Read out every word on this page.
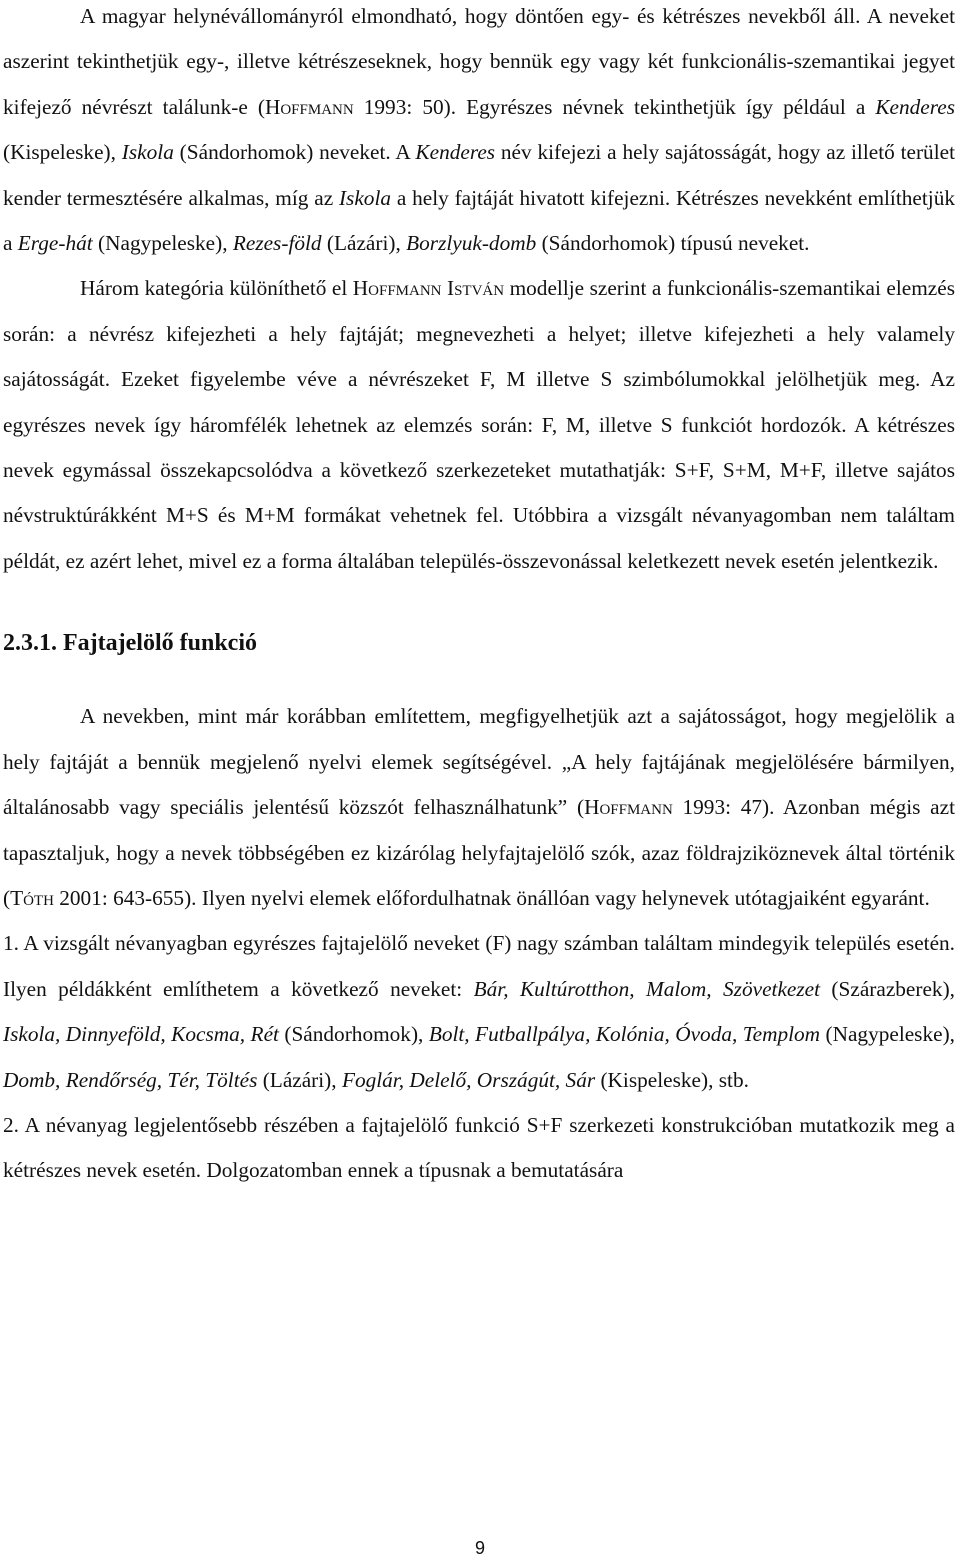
A magyar helynévállományról elmondható, hogy döntően egy- és kétrészes nevekből áll. A neveket aszerint tekinthetjük egy-, illetve kétrészeseknek, hogy bennük egy vagy két funkcionális-szemantikai jegyet kifejező névrészt találunk-e (Hoffmann 1993: 50). Egyrészes névnek tekinthetjük így például a Kenderes (Kispeleske), Iskola (Sándorhomok) neveket. A Kenderes név kifejezi a hely sajátosságát, hogy az illető terület kender termesztésére alkalmas, míg az Iskola a hely fajtáját hivatott kifejezni. Kétrészes nevekként említhetjük a Erge-hát (Nagypeleske), Rezes-föld (Lázári), Borzlyuk-domb (Sándorhomok) típusú neveket.

Három kategória különíthető el Hoffmann István modellje szerint a funkcionális-szemantikai elemzés során: a névrész kifejezheti a hely fajtáját; megnevezheti a helyet; illetve kifejezheti a hely valamely sajátosságát. Ezeket figyelembe véve a névrészeket F, M illetve S szimbólumokkal jelölhetjük meg. Az egyrészes nevek így háromfélék lehetnek az elemzés során: F, M, illetve S funkciót hordozók. A kétrészes nevek egymással összekapcsolódva a következő szerkezeteket mutathatják: S+F, S+M, M+F, illetve sajátos névstruktúrákként M+S és M+M formákat vehetnek fel. Utóbbira a vizsgált névanyagomban nem találtam példát, ez azért lehet, mivel ez a forma általában település-összevonással keletkezett nevek esetén jelentkezik.

2.3.1. Fajtajelölő funkció

A nevekben, mint már korábban említettem, megfigyelhetjük azt a sajátosságot, hogy megjelölik a hely fajtáját a bennük megjelenő nyelvi elemek segítségével. „A hely fajtájának megjelölésére bármilyen, általánosabb vagy speciális jelentésű közszót felhasználhatunk” (Hoffmann 1993: 47). Azonban mégis azt tapasztaljuk, hogy a nevek többségében ez kizárólag helyfajtajelölő szók, azaz földrajziköznevek által történik (Tóth 2001: 643-655). Ilyen nyelvi elemek előfordulhatnak önállóan vagy helynevek utótagjaiként egyaránt.

1. A vizsgált névanyagban egyrészes fajtajelölő neveket (F) nagy számban találtam mindegyik település esetén. Ilyen példákként említhetem a következő neveket: Bár, Kultúrotthon, Malom, Szövetkezet (Szárazberek), Iskola, Dinnyeföld, Kocsma, Rét (Sándorhomok), Bolt, Futballpálya, Kolónia, Óvoda, Templom (Nagypeleske), Domb, Rendőrség, Tér, Töltés (Lázári), Foglár, Delelő, Országút, Sár (Kispeleske), stb.

2. A névanyag legjelentősebb részében a fajtajelölő funkció S+F szerkezeti konstrukcióban mutatkozik meg a kétrészes nevek esetén. Dolgozatomban ennek a típusnak a bemutatására

9
